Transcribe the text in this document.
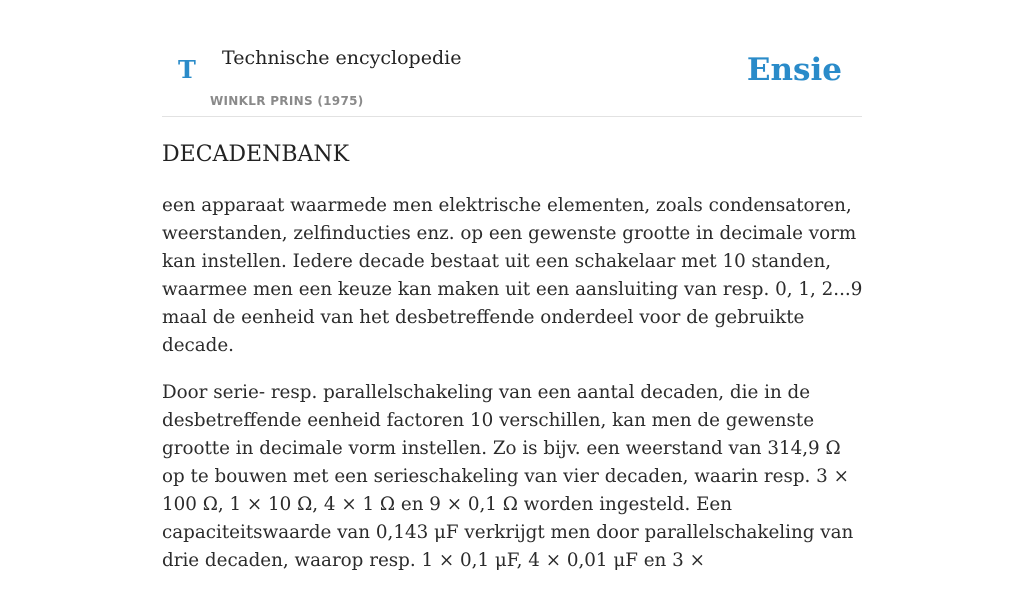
T Technische encyclopedie
WINKLR PRINS (1975)
Ensie
DECADENBANK

een apparaat waarmede men elektrische elementen, zoals condensatoren, weerstanden, zelfinducties enz. op een gewenste grootte in decimale vorm kan instellen. Iedere decade bestaat uit een schakelaar met 10 standen, waarmee men een keuze kan maken uit een aansluiting van resp. 0, 1, 2...9 maal de eenheid van het desbetreffende onderdeel voor de gebruikte decade.

Door serie- resp. parallelschakeling van een aantal decaden, die in de desbetreffende eenheid factoren 10 verschillen, kan men de gewenste grootte in decimale vorm instellen. Zo is bijv. een weerstand van 314,9 Ω op te bouwen met een serieschakeling van vier decaden, waarin resp. 3 × 100 Ω, 1 × 10 Ω, 4 × 1 Ω en 9 × 0,1 Ω worden ingesteld. Een capaciteitswaarde van 0,143 μF verkrijgt men door parallelschakeling van drie decaden, waarop resp. 1 × 0,1 μF, 4 × 0,01 μF en 3 ×
